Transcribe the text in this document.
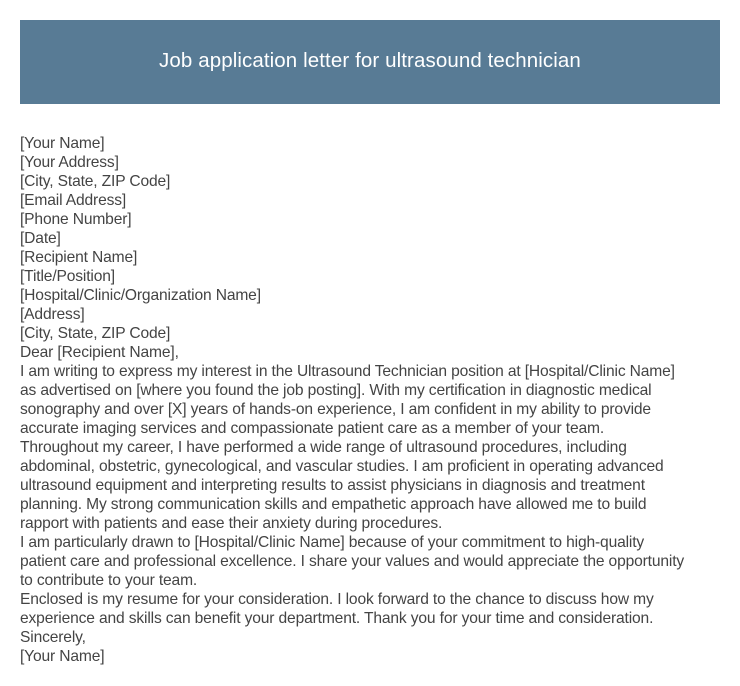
Job application letter for ultrasound technician
[Your Name]
[Your Address]
[City, State, ZIP Code]
[Email Address]
[Phone Number]
[Date]
[Recipient Name]
[Title/Position]
[Hospital/Clinic/Organization Name]
[Address]
[City, State, ZIP Code]
Dear [Recipient Name],
I am writing to express my interest in the Ultrasound Technician position at [Hospital/Clinic Name]
as advertised on [where you found the job posting]. With my certification in diagnostic medical
sonography and over [X] years of hands-on experience, I am confident in my ability to provide
accurate imaging services and compassionate patient care as a member of your team.
Throughout my career, I have performed a wide range of ultrasound procedures, including
abdominal, obstetric, gynecological, and vascular studies. I am proficient in operating advanced
ultrasound equipment and interpreting results to assist physicians in diagnosis and treatment
planning. My strong communication skills and empathetic approach have allowed me to build
rapport with patients and ease their anxiety during procedures.
I am particularly drawn to [Hospital/Clinic Name] because of your commitment to high-quality
patient care and professional excellence. I share your values and would appreciate the opportunity
to contribute to your team.
Enclosed is my resume for your consideration. I look forward to the chance to discuss how my
experience and skills can benefit your department. Thank you for your time and consideration.
Sincerely,
[Your Name]
